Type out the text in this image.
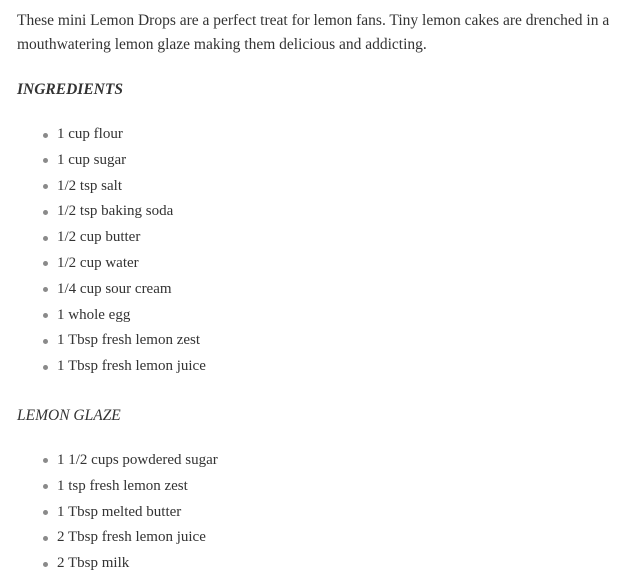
These mini Lemon Drops are a perfect treat for lemon fans. Tiny lemon cakes are drenched in a mouthwatering lemon glaze making them delicious and addicting.

INGREDIENTS
1 cup flour
1 cup sugar
1/2 tsp salt
1/2 tsp baking soda
1/2 cup butter
1/2 cup water
1/4 cup sour cream
1 whole egg
1 Tbsp fresh lemon zest
1 Tbsp fresh lemon juice
LEMON GLAZE
1 1/2 cups powdered sugar
1 tsp fresh lemon zest
1 Tbsp melted butter
2 Tbsp fresh lemon juice
2 Tbsp milk
